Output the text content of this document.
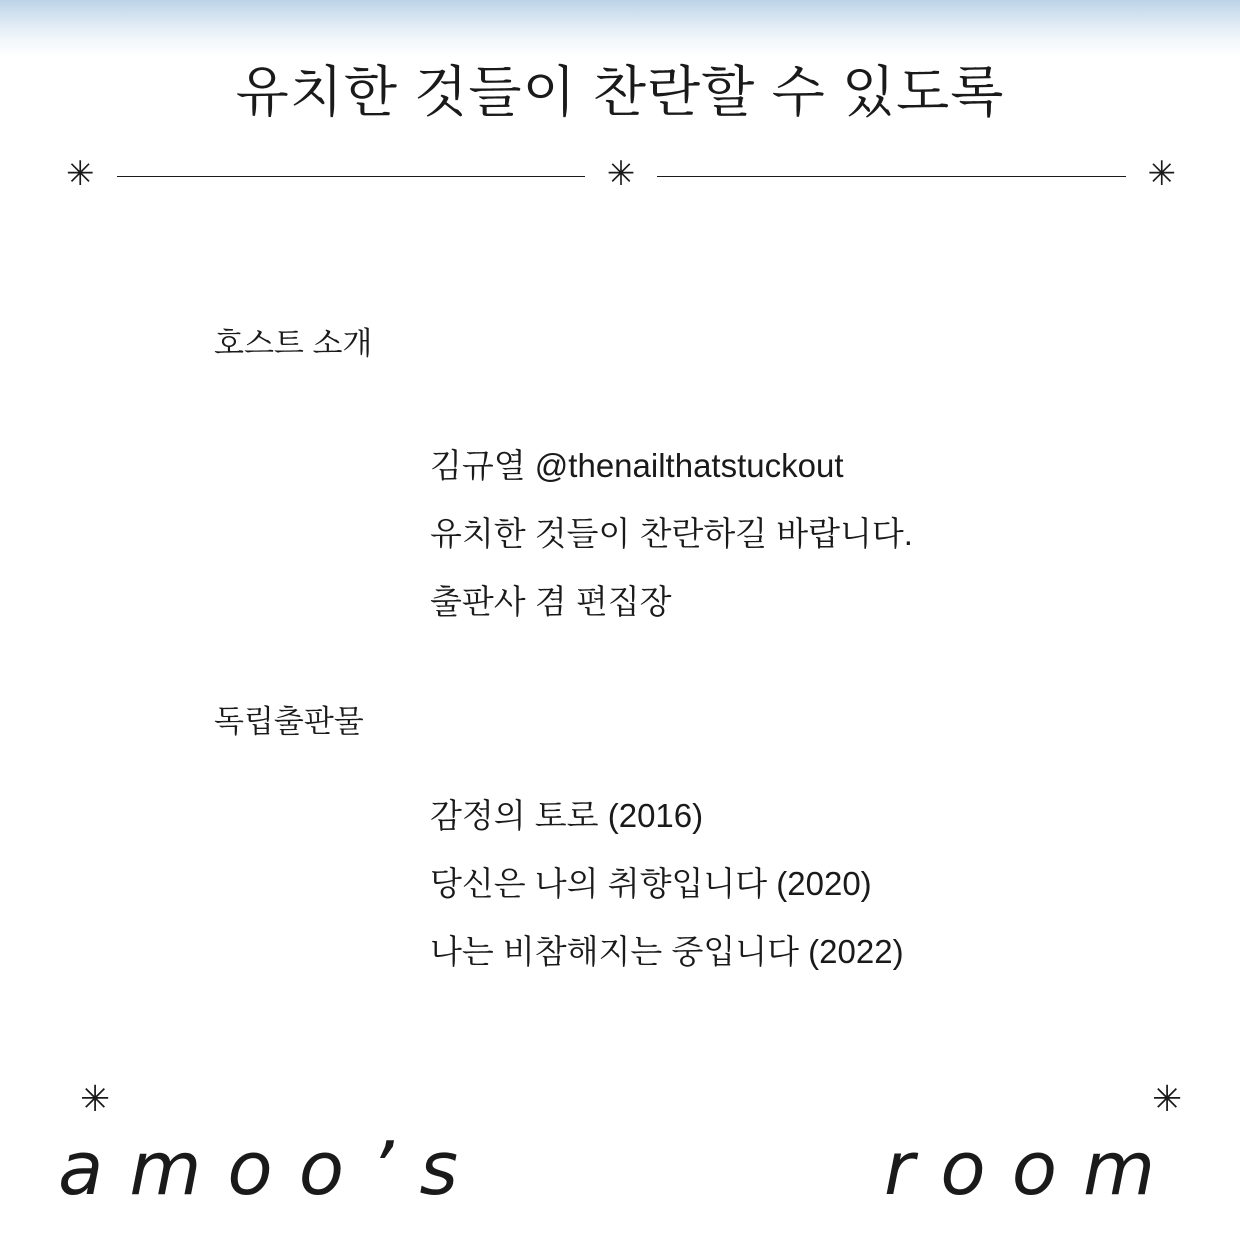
유치한 것들이 찬란할 수 있도록
✳	✳	✳
호스트 소개
김규열 @thenailthatstuckout
유치한 것들이 찬란하길 바랍니다.
출판사 겸 편집장
독립출판물
감정의 토로 (2016)
당신은 나의 취향입니다 (2020)
나는 비참해지는 중입니다 (2022)
✳	✳
amoo’s	room
